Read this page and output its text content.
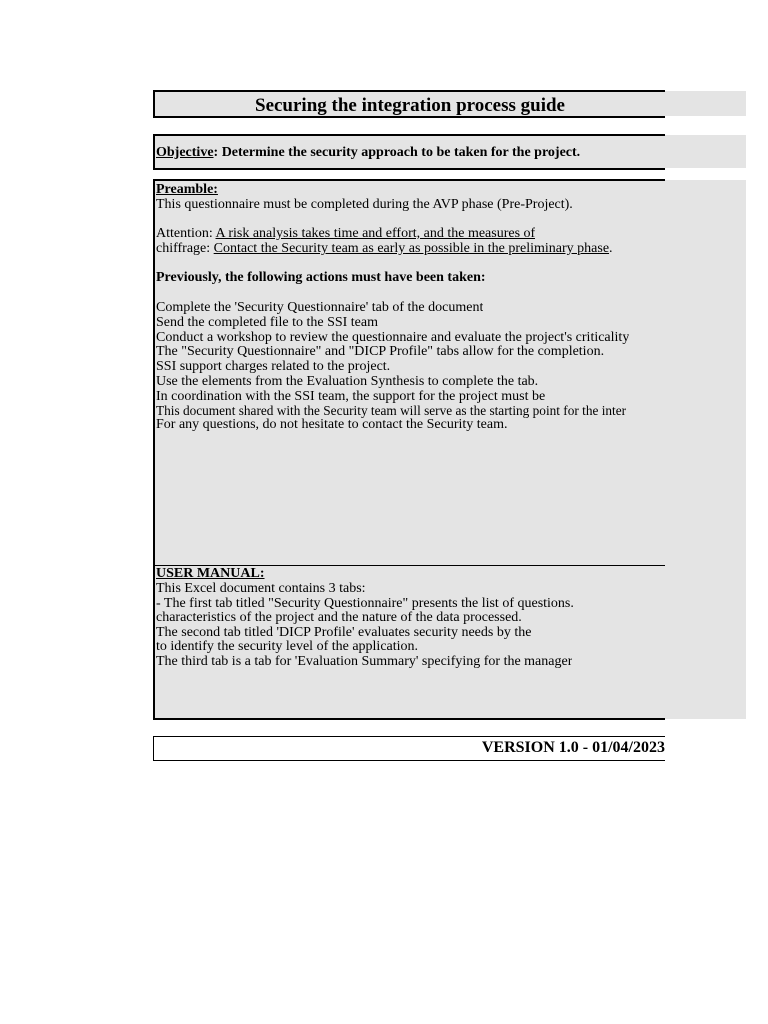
Securing the integration process guide
Objective: Determine the security approach to be taken for the project.
Preamble:
This questionnaire must be completed during the AVP phase (Pre-Project).
Attention: A risk analysis takes time and effort, and the measures of
chiffrage: Contact the Security team as early as possible in the preliminary phase.
Previously, the following actions must have been taken:
Complete the 'Security Questionnaire' tab of the document
Send the completed file to the SSI team
Conduct a workshop to review the questionnaire and evaluate the project's criticality
The "Security Questionnaire" and "DICP Profile" tabs allow for the completion.
SSI support charges related to the project.
Use the elements from the Evaluation Synthesis to complete the tab.
In coordination with the SSI team, the support for the project must be
This document shared with the Security team will serve as the starting point for the inter
For any questions, do not hesitate to contact the Security team.
USER MANUAL:
This Excel document contains 3 tabs:
- The first tab titled "Security Questionnaire" presents the list of questions.
characteristics of the project and the nature of the data processed.
The second tab titled 'DICP Profile' evaluates security needs by the
to identify the security level of the application.
The third tab is a tab for 'Evaluation Summary' specifying for the manager
VERSION 1.0 - 01/04/2023
